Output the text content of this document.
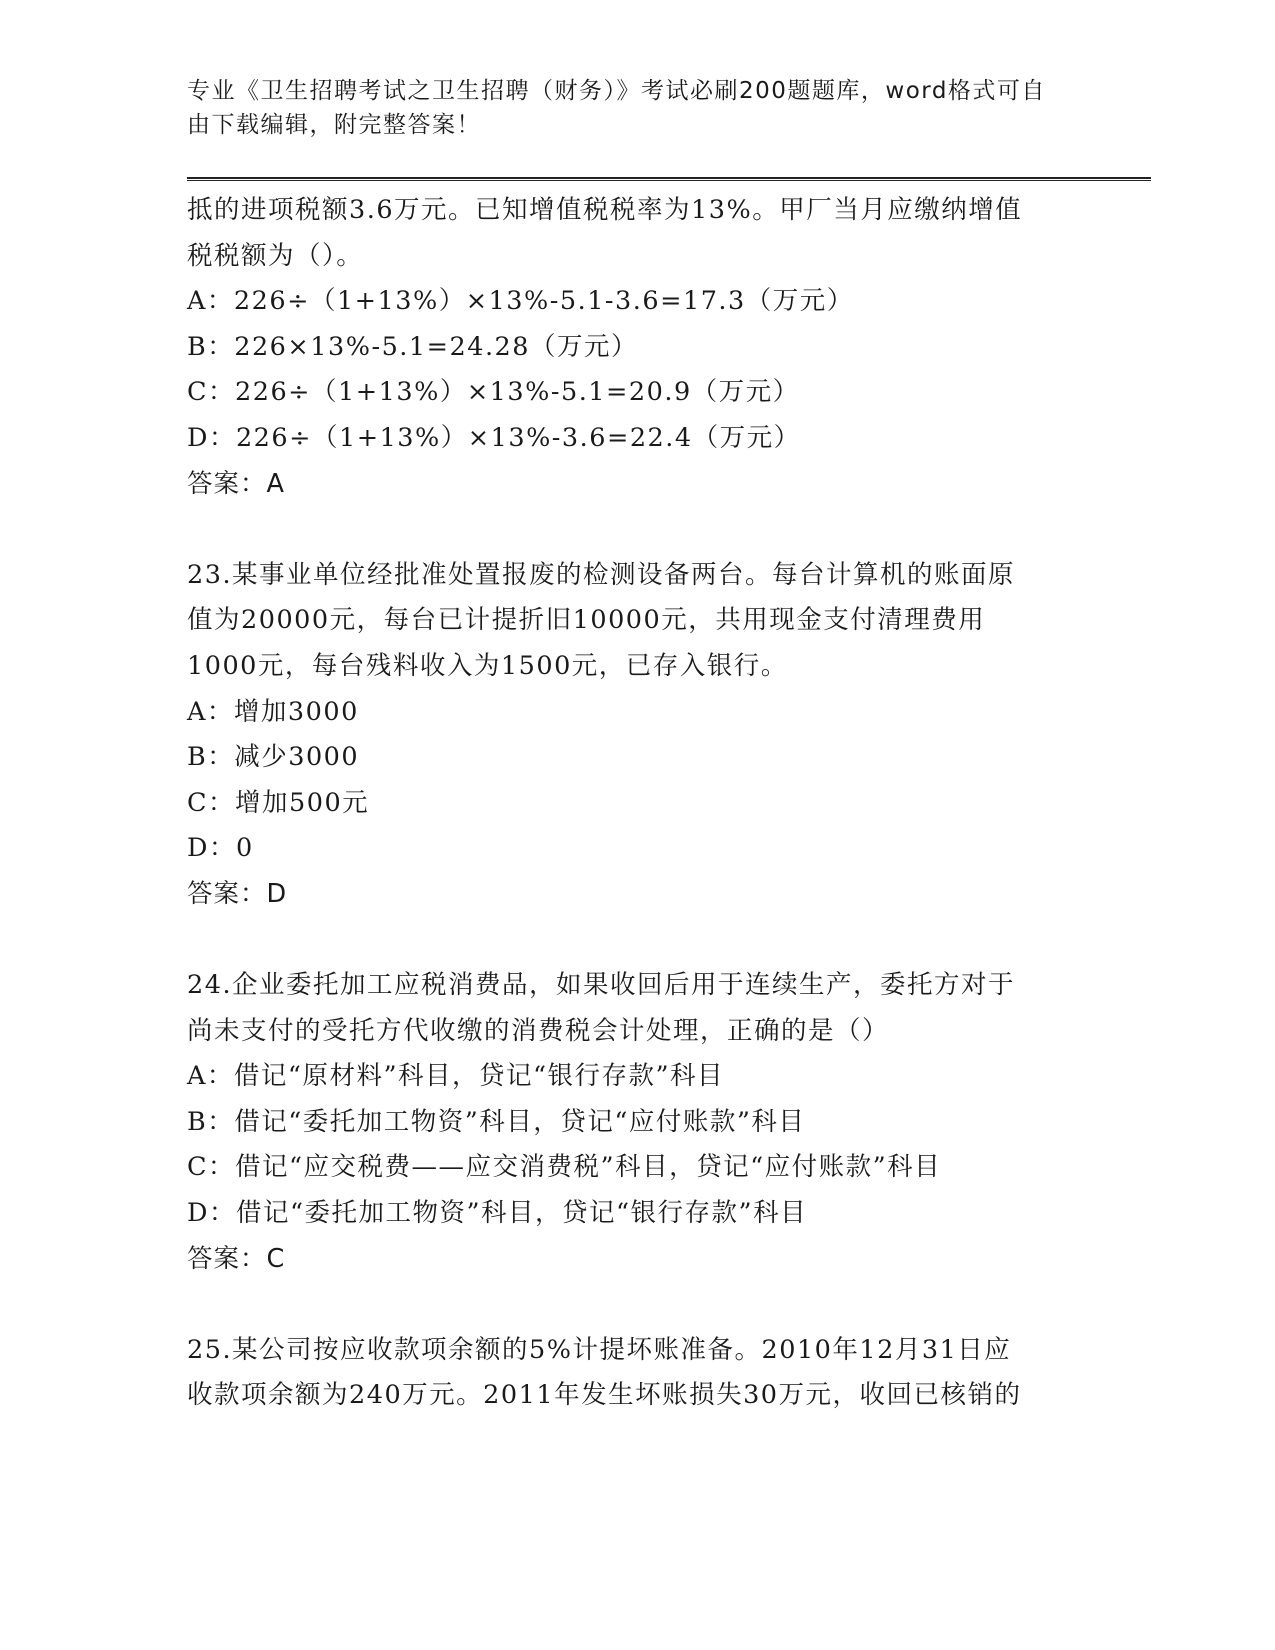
专业《卫生招聘考试之卫生招聘（财务）》考试必刷200题题库，word格式可自
由下载编辑，附完整答案！
抵的进项税额3.6万元。已知增值税税率为13%。甲厂当月应缴纳增值
税税额为（）。
A：226÷（1+13%）×13%-5.1-3.6=17.3（万元）
B：226×13%-5.1=24.28（万元）
C：226÷（1+13%）×13%-5.1=20.9（万元）
D：226÷（1+13%）×13%-3.6=22.4（万元）
答案：A
23.某事业单位经批准处置报废的检测设备两台。每台计算机的账面原
值为20000元，每台已计提折旧10000元，共用现金支付清理费用
1000元，每台残料收入为1500元，已存入银行。
A：增加3000
B：减少3000
C：增加500元
D：0
答案：D
24.企业委托加工应税消费品，如果收回后用于连续生产，委托方对于
尚未支付的受托方代收缴的消费税会计处理，正确的是（）
A：借记“原材料”科目，贷记“银行存款”科目
B：借记“委托加工物资”科目，贷记“应付账款”科目
C：借记“应交税费——应交消费税”科目，贷记“应付账款”科目
D：借记“委托加工物资”科目，贷记“银行存款”科目
答案：C
25.某公司按应收款项余额的5%计提坏账准备。2010年12月31日应
收款项余额为240万元。2011年发生坏账损失30万元，收回已核销的
